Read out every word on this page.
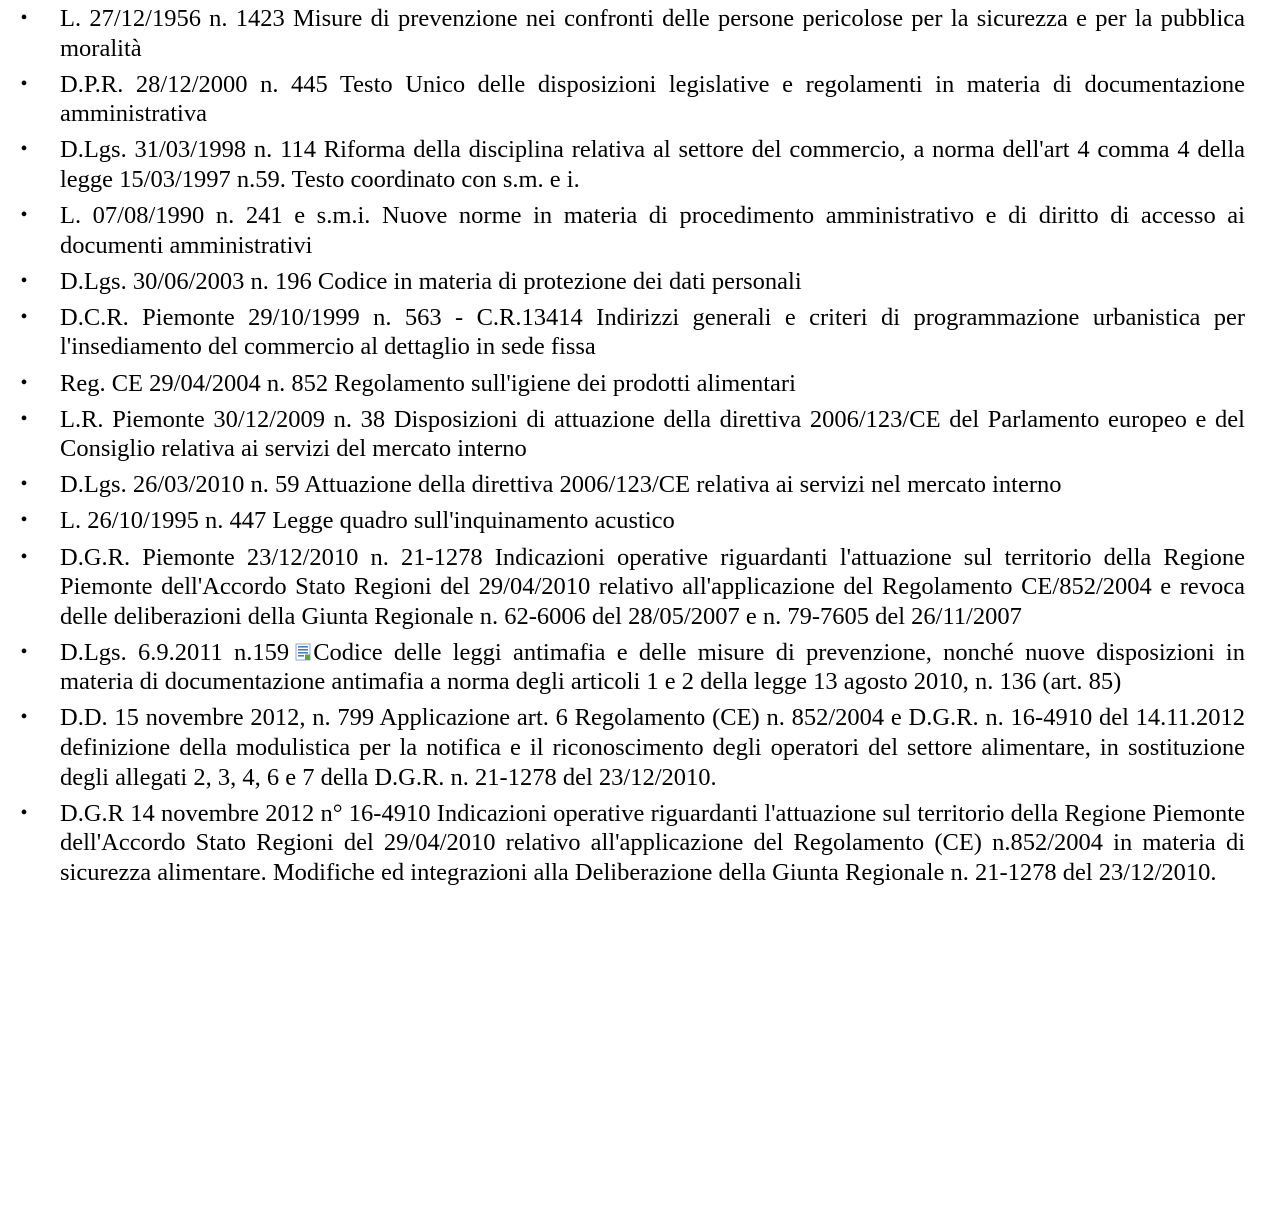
• L. 27/12/1956 n. 1423 Misure di prevenzione nei confronti delle persone pericolose per la sicurezza e per la pubblica moralità
• D.P.R. 28/12/2000 n. 445 Testo Unico delle disposizioni legislative e regolamenti in materia di documentazione amministrativa
• D.Lgs. 31/03/1998 n. 114 Riforma della disciplina relativa al settore del commercio, a norma dell'art 4 comma 4 della legge 15/03/1997 n.59. Testo coordinato con s.m. e i.
• L. 07/08/1990 n. 241 e s.m.i. Nuove norme in materia di procedimento amministrativo e di diritto di accesso ai documenti amministrativi
• D.Lgs. 30/06/2003 n. 196 Codice in materia di protezione dei dati personali
• D.C.R. Piemonte 29/10/1999 n. 563 - C.R.13414 Indirizzi generali e criteri di programmazione urbanistica per l'insediamento del commercio al dettaglio in sede fissa
• Reg. CE 29/04/2004 n. 852 Regolamento sull'igiene dei prodotti alimentari
• L.R. Piemonte 30/12/2009 n. 38 Disposizioni di attuazione della direttiva 2006/123/CE del Parlamento europeo e del Consiglio relativa ai servizi del mercato interno
• D.Lgs. 26/03/2010 n. 59 Attuazione della direttiva 2006/123/CE relativa ai servizi nel mercato interno
• L. 26/10/1995 n. 447 Legge quadro sull'inquinamento acustico
• D.G.R. Piemonte 23/12/2010 n. 21-1278 Indicazioni operative riguardanti l'attuazione sul territorio della Regione Piemonte dell'Accordo Stato Regioni del 29/04/2010 relativo all'applicazione del Regolamento CE/852/2004 e revoca delle deliberazioni della Giunta Regionale n. 62-6006 del 28/05/2007 e n. 79-7605 del 26/11/2007
• D.Lgs. 6.9.2011 n.159 Codice delle leggi antimafia e delle misure di prevenzione, nonché nuove disposizioni in materia di documentazione antimafia a norma degli articoli 1 e 2 della legge 13 agosto 2010, n. 136 (art. 85)
• D.D. 15 novembre 2012, n. 799 Applicazione art. 6 Regolamento (CE) n. 852/2004 e D.G.R. n. 16-4910 del 14.11.2012 definizione della modulistica per la notifica e il riconoscimento degli operatori del settore alimentare, in sostituzione degli allegati 2, 3, 4, 6 e 7 della D.G.R. n. 21-1278 del 23/12/2010.
• D.G.R 14 novembre 2012 n° 16-4910 Indicazioni operative riguardanti l'attuazione sul territorio della Regione Piemonte dell'Accordo Stato Regioni del 29/04/2010 relativo all'applicazione del Regolamento (CE) n.852/2004 in materia di sicurezza alimentare. Modifiche ed integrazioni alla Deliberazione della Giunta Regionale n. 21-1278 del 23/12/2010.
